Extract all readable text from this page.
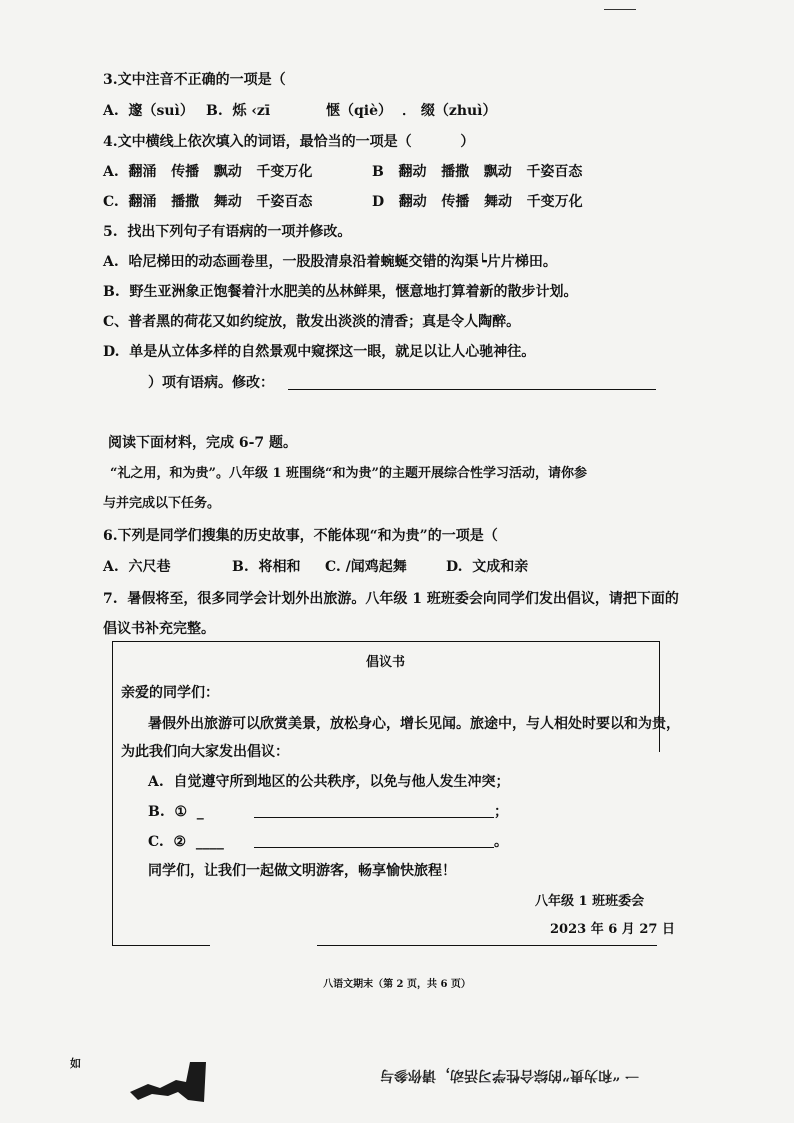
3.文中注音不正确的一项是（
A.  邃（suì） B.  烁 ‹zī	惬（qiè） ． 缀（zhuì）
4.文中横线上依次填入的词语，最恰当的一项是（          ）
A.  翻涌   传播   飘动   千变万化	B   翻动   播撒   飘动   千姿百态
C.  翻涌   播撒   舞动   千姿百态	D   翻动   传播   舞动   千变万化
5.  找出下列句子有语病的一项并修改。
A.  哈尼梯田的动态画卷里，一股股清泉沿着蜿蜒交错的沟渠┕片片梯田。
B.  野生亚洲象正饱餐着汁水肥美的丛林鲜果，惬意地打算着新的散步计划。
C、普者黑的荷花又如约绽放，散发出淡淡的清香；真是令人陶醉。
D.  单是从立体多样的自然景观中窥探这一眼，就足以让人心驰神往。
）项有语病。修改：
阅读下面材料，完成 6-7 题。
“礼之用，和为贵”。八年级 1 班围绕“和为贵”的主题开展综合性学习活动，请你参
与并完成以下任务。
6.下列是同学们搜集的历史故事，不能体现“和为贵”的一项是（
A.  六尺巷	B.  将相和 C. /闻鸡起舞	D.  文成和亲
7.  暑假将至，很多同学会计划外出旅游。八年级 1 班班委会向同学们发出倡议，请把下面的
倡议书补充完整。
倡议书
亲爱的同学们：
暑假外出旅游可以欣赏美景，放松身心，增长见闻。旅途中，与人相处时要以和为贵，
为此我们向大家发出倡议：
A.  自觉遵守所到地区的公共秩序，以免与他人发生冲突；
B.  ①  _	；
C.  ②  ____	。
同学们，让我们一起做文明游客，畅享愉快旅程！
八年级 1 班班委会
2023 年 6 月 27 日
八语文期末（第 2 页，共 6 页）
如
一 “和为贵”的综合性学习活动，请你参与
